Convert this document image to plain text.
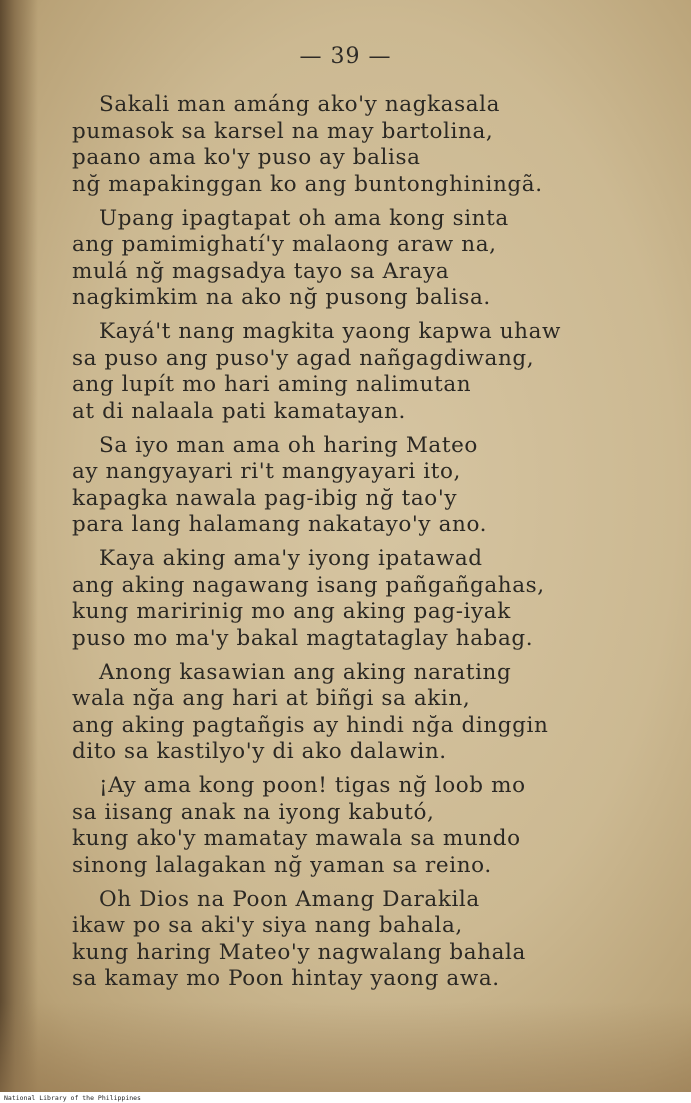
— 39 —
Sakali man amáng ako'y nagkasala
pumasok sa karsel na may bartolina,
paano ama ko'y puso ay balisa
nğ mapakinggan ko ang buntonghiningã.
Upang ipagtapat oh ama kong sinta
ang pamimighatí'y malaong araw na,
mulá nğ magsadya tayo sa Araya
nagkimkim na ako nğ pusong balisa.
Kayá't nang magkita yaong kapwa uhaw
sa puso ang puso'y agad nañgagdiwang,
ang lupít mo hari aming nalimutan
at di nalaala pati kamatayan.
Sa iyo man ama oh haring Mateo
ay nangyayari ri't mangyayari ito,
kapagka nawala pag-ibig nğ tao'y
para lang halamang nakatayo'y ano.
Kaya aking ama'y iyong ipatawad
ang aking nagawang isang pañgañgahas,
kung maririnig mo ang aking pag-iyak
puso mo ma'y bakal magtataglay habag.
Anong kasawian ang aking narating
wala nğa ang hari at biñgi sa akin,
ang aking pagtañgis ay hindi nğa dinggin
dito sa kastilyo'y di ako dalawin.
¡Ay ama kong poon! tigas nğ loob mo
sa iisang anak na iyong kabutó,
kung ako'y mamatay mawala sa mundo
sinong lalagakan nğ yaman sa reino.
Oh Dios na Poon Amang Darakila
ikaw po sa aki'y siya nang bahala,
kung haring Mateo'y nagwalang bahala
sa kamay mo Poon hintay yaong awa.
National Library of the Philippines
